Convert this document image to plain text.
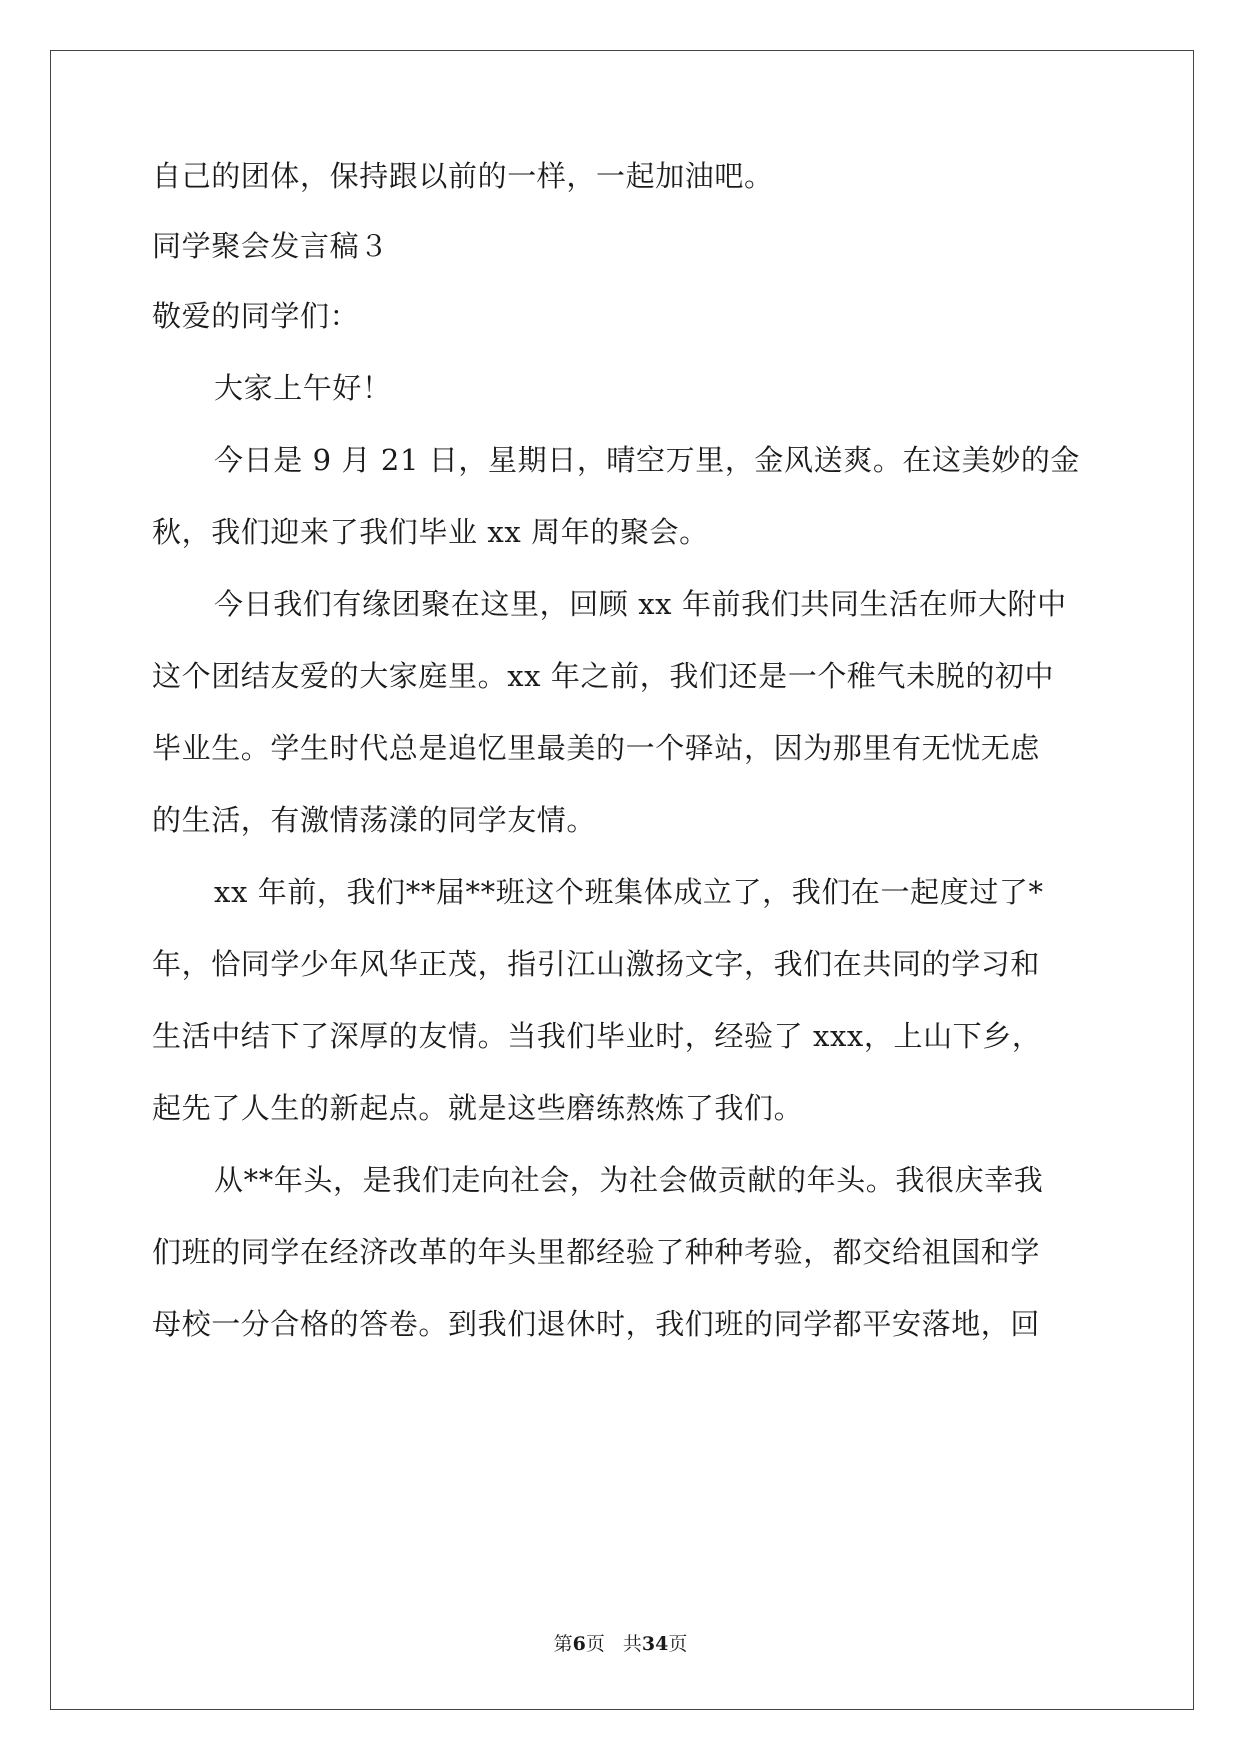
自己的团体，保持跟以前的一样，一起加油吧。
同学聚会发言稿３
敬爱的同学们：
大家上午好！
今日是 9 月 21 日，星期日，晴空万里，金风送爽。在这美妙的金
秋，我们迎来了我们毕业 xx 周年的聚会。
今日我们有缘团聚在这里，回顾 xx 年前我们共同生活在师大附中
这个团结友爱的大家庭里。xx 年之前，我们还是一个稚气未脱的初中
毕业生。学生时代总是追忆里最美的一个驿站，因为那里有无忧无虑
的生活，有激情荡漾的同学友情。
xx 年前，我们**届**班这个班集体成立了，我们在一起度过了*
年，恰同学少年风华正茂，指引江山激扬文字，我们在共同的学习和
生活中结下了深厚的友情。当我们毕业时，经验了 xxx，上山下乡，
起先了人生的新起点。就是这些磨练熬炼了我们。
从**年头，是我们走向社会，为社会做贡献的年头。我很庆幸我
们班的同学在经济改革的年头里都经验了种种考验，都交给祖国和学
母校一分合格的答卷。到我们退休时，我们班的同学都平安落地，回
第6页 共34页
